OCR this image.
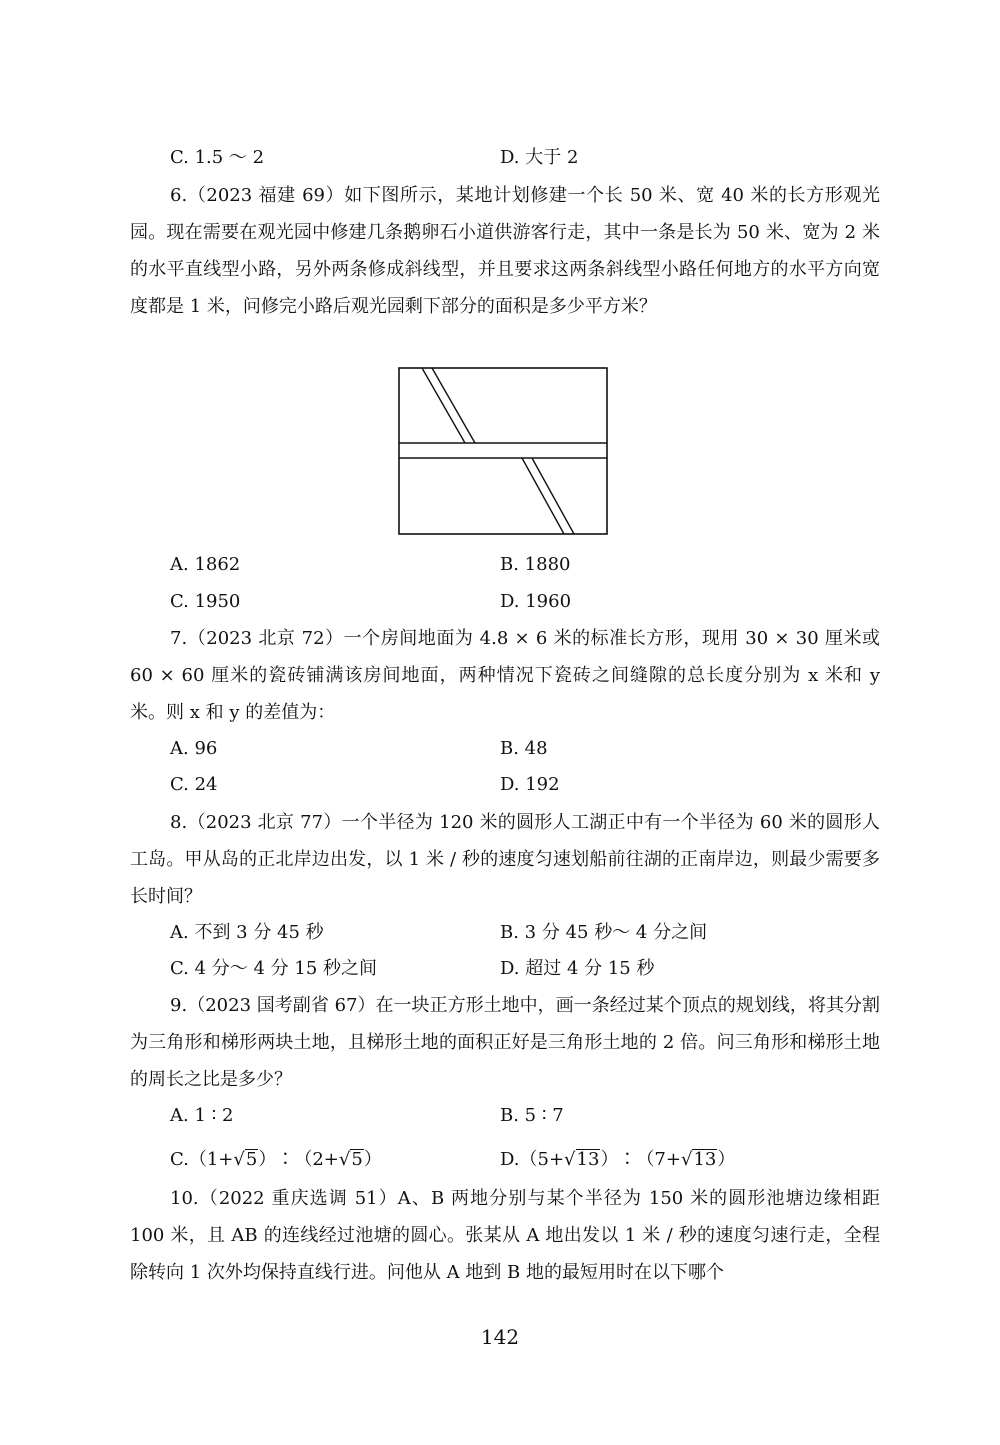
C. 1.5 ～ 2	D. 大于 2

6.（2023 福建 69）如下图所示，某地计划修建一个长 50 米、宽 40 米的长方形观光园。现在需要在观光园中修建几条鹅卵石小道供游客行走，其中一条是长为 50 米、宽为 2 米的水平直线型小路，另外两条修成斜线型，并且要求这两条斜线型小路任何地方的水平方向宽度都是 1 米，问修完小路后观光园剩下部分的面积是多少平方米？

A. 1862	B. 1880
C. 1950	D. 1960

7.（2023 北京 72）一个房间地面为 4.8 × 6 米的标准长方形，现用 30 × 30 厘米或 60 × 60 厘米的瓷砖铺满该房间地面，两种情况下瓷砖之间缝隙的总长度分别为 x 米和 y 米。则 x 和 y 的差值为：

A. 96	B. 48
C. 24	D. 192

8.（2023 北京 77）一个半径为 120 米的圆形人工湖正中有一个半径为 60 米的圆形人工岛。甲从岛的正北岸边出发，以 1 米 / 秒的速度匀速划船前往湖的正南岸边，则最少需要多长时间？

A. 不到 3 分 45 秒	B. 3 分 45 秒～ 4 分之间
C. 4 分～ 4 分 15 秒之间	D. 超过 4 分 15 秒

9.（2023 国考副省 67）在一块正方形土地中，画一条经过某个顶点的规划线，将其分割为三角形和梯形两块土地，且梯形土地的面积正好是三角形土地的 2 倍。问三角形和梯形土地的周长之比是多少？

A. 1 ∶ 2	B. 5 ∶ 7
C.（1+√5）∶（2+√5）	D.（5+√13）∶（7+√13）

10.（2022 重庆选调 51）A、B 两地分别与某个半径为 150 米的圆形池塘边缘相距 100 米，且 AB 的连线经过池塘的圆心。张某从 A 地出发以 1 米 / 秒的速度匀速行走，全程除转向 1 次外均保持直线行进。问他从 A 地到 B 地的最短用时在以下哪个

142
